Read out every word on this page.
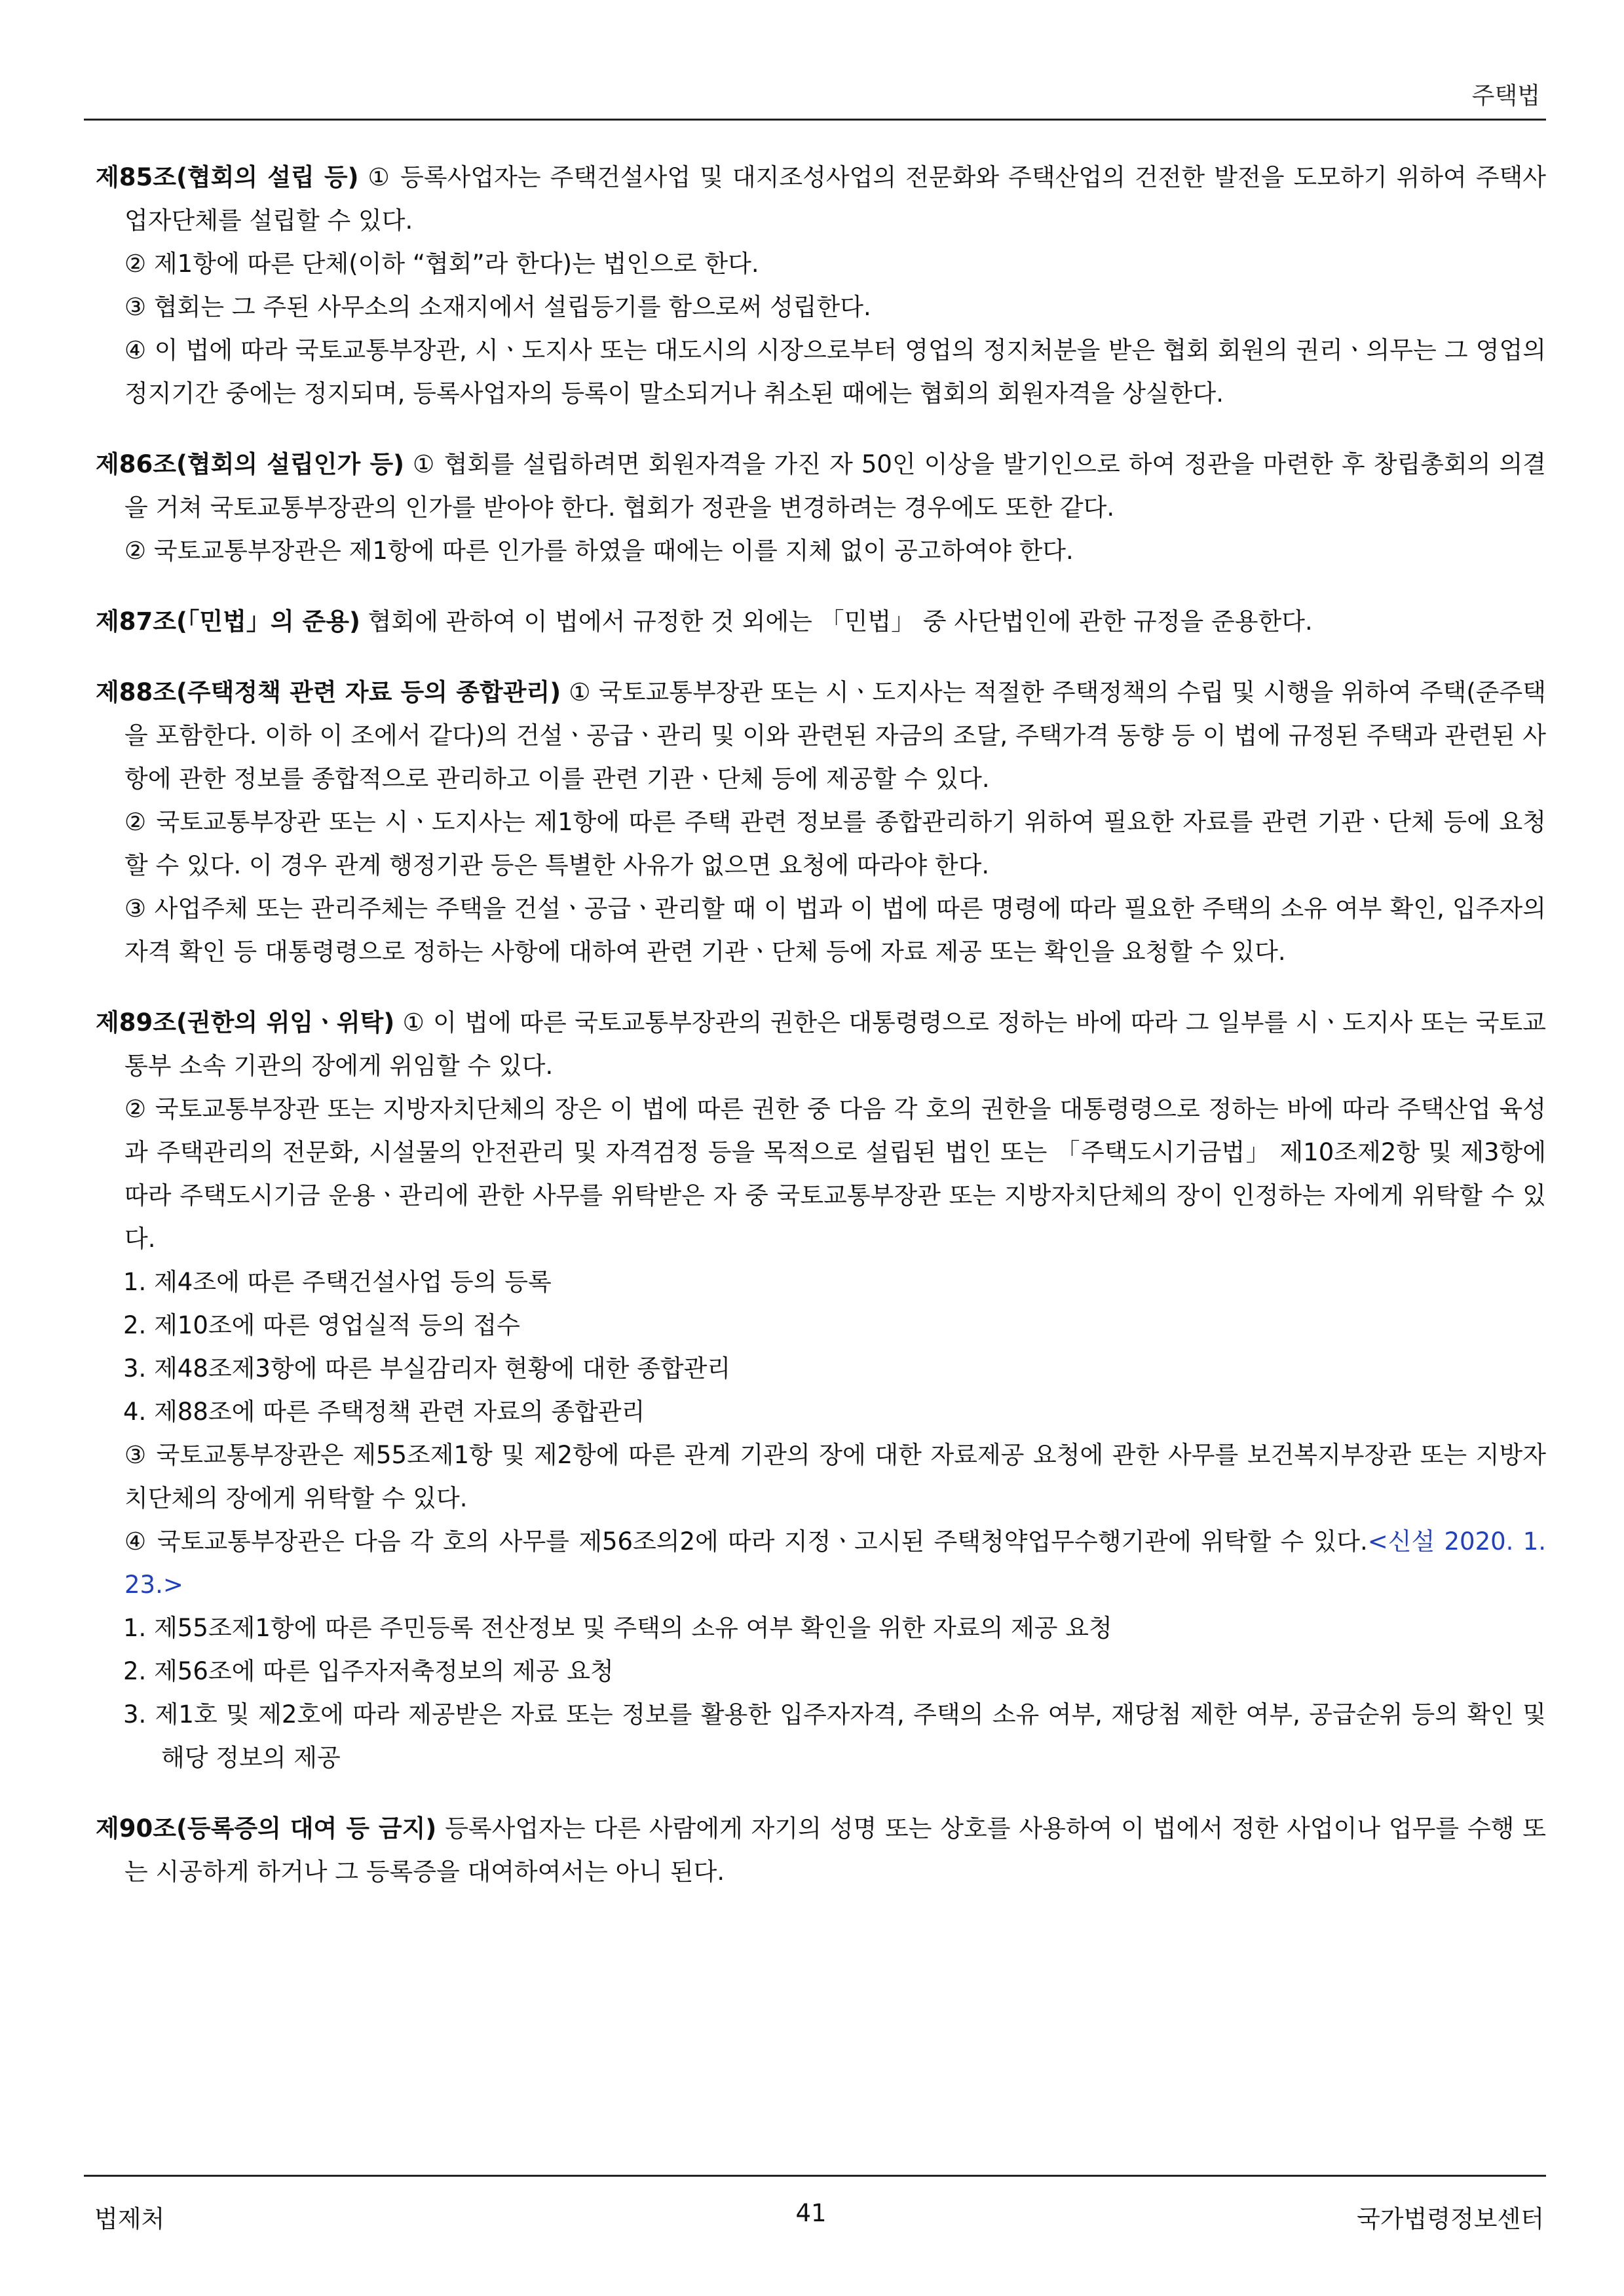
주택법

제85조(협회의 설립 등) ① 등록사업자는 주택건설사업 및 대지조성사업의 전문화와 주택산업의 건전한 발전을 도모하기 위하여 주택사업자단체를 설립할 수 있다.

② 제1항에 따른 단체(이하 “협회”라 한다)는 법인으로 한다.

③ 협회는 그 주된 사무소의 소재지에서 설립등기를 함으로써 성립한다.

④ 이 법에 따라 국토교통부장관, 시ㆍ도지사 또는 대도시의 시장으로부터 영업의 정지처분을 받은 협회 회원의 권리ㆍ의무는 그 영업의 정지기간 중에는 정지되며, 등록사업자의 등록이 말소되거나 취소된 때에는 협회의 회원자격을 상실한다.

제86조(협회의 설립인가 등) ① 협회를 설립하려면 회원자격을 가진 자 50인 이상을 발기인으로 하여 정관을 마련한 후 창립총회의 의결을 거쳐 국토교통부장관의 인가를 받아야 한다. 협회가 정관을 변경하려는 경우에도 또한 같다.

② 국토교통부장관은 제1항에 따른 인가를 하였을 때에는 이를 지체 없이 공고하여야 한다.

제87조(「민법」의 준용) 협회에 관하여 이 법에서 규정한 것 외에는 「민법」 중 사단법인에 관한 규정을 준용한다.

제88조(주택정책 관련 자료 등의 종합관리) ① 국토교통부장관 또는 시ㆍ도지사는 적절한 주택정책의 수립 및 시행을 위하여 주택(준주택을 포함한다. 이하 이 조에서 같다)의 건설ㆍ공급ㆍ관리 및 이와 관련된 자금의 조달, 주택가격 동향 등 이 법에 규정된 주택과 관련된 사항에 관한 정보를 종합적으로 관리하고 이를 관련 기관ㆍ단체 등에 제공할 수 있다.

② 국토교통부장관 또는 시ㆍ도지사는 제1항에 따른 주택 관련 정보를 종합관리하기 위하여 필요한 자료를 관련 기관ㆍ단체 등에 요청할 수 있다. 이 경우 관계 행정기관 등은 특별한 사유가 없으면 요청에 따라야 한다.

③ 사업주체 또는 관리주체는 주택을 건설ㆍ공급ㆍ관리할 때 이 법과 이 법에 따른 명령에 따라 필요한 주택의 소유 여부 확인, 입주자의 자격 확인 등 대통령령으로 정하는 사항에 대하여 관련 기관ㆍ단체 등에 자료 제공 또는 확인을 요청할 수 있다.

제89조(권한의 위임ㆍ위탁) ① 이 법에 따른 국토교통부장관의 권한은 대통령령으로 정하는 바에 따라 그 일부를 시ㆍ도지사 또는 국토교통부 소속 기관의 장에게 위임할 수 있다.

② 국토교통부장관 또는 지방자치단체의 장은 이 법에 따른 권한 중 다음 각 호의 권한을 대통령령으로 정하는 바에 따라 주택산업 육성과 주택관리의 전문화, 시설물의 안전관리 및 자격검정 등을 목적으로 설립된 법인 또는 「주택도시기금법」 제10조제2항 및 제3항에 따라 주택도시기금 운용ㆍ관리에 관한 사무를 위탁받은 자 중 국토교통부장관 또는 지방자치단체의 장이 인정하는 자에게 위탁할 수 있다.

1. 제4조에 따른 주택건설사업 등의 등록

2. 제10조에 따른 영업실적 등의 접수

3. 제48조제3항에 따른 부실감리자 현황에 대한 종합관리

4. 제88조에 따른 주택정책 관련 자료의 종합관리

③ 국토교통부장관은 제55조제1항 및 제2항에 따른 관계 기관의 장에 대한 자료제공 요청에 관한 사무를 보건복지부장관 또는 지방자치단체의 장에게 위탁할 수 있다.

④ 국토교통부장관은 다음 각 호의 사무를 제56조의2에 따라 지정ㆍ고시된 주택청약업무수행기관에 위탁할 수 있다.<신설 2020. 1. 23.>

1. 제55조제1항에 따른 주민등록 전산정보 및 주택의 소유 여부 확인을 위한 자료의 제공 요청

2. 제56조에 따른 입주자저축정보의 제공 요청

3. 제1호 및 제2호에 따라 제공받은 자료 또는 정보를 활용한 입주자자격, 주택의 소유 여부, 재당첨 제한 여부, 공급순위 등의 확인 및 해당 정보의 제공

제90조(등록증의 대여 등 금지) 등록사업자는 다른 사람에게 자기의 성명 또는 상호를 사용하여 이 법에서 정한 사업이나 업무를 수행 또는 시공하게 하거나 그 등록증을 대여하여서는 아니 된다.

법제처	41	국가법령정보센터
